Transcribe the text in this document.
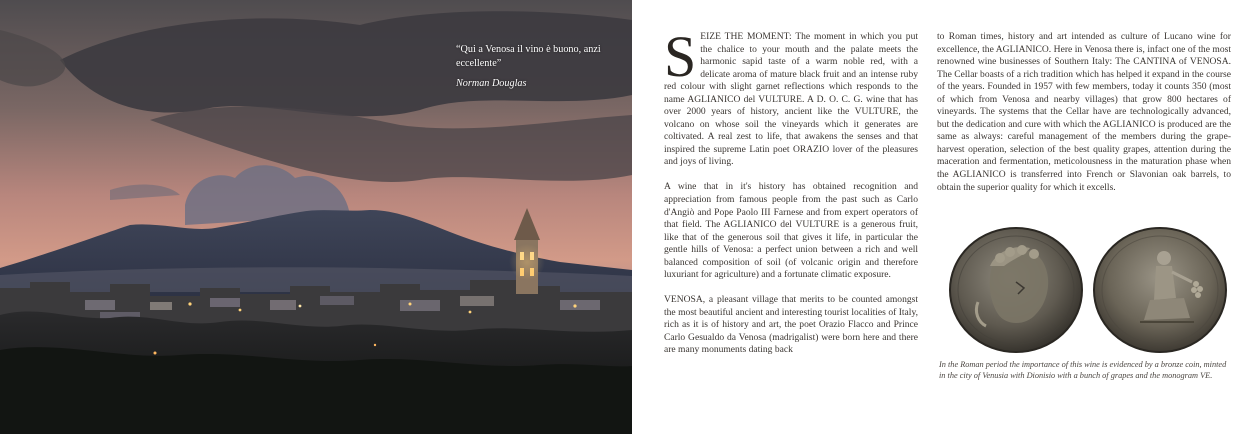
“Qui a Venosa il vino è buono, anzi eccellente”
Norman Douglas	SEIZE THE MOMENT: The moment in which you put the chalice to your mouth and the palate meets the harmonic sapid taste of a warm noble red, with a delicate aroma of mature black fruit and an intense ruby red colour with slight garnet reflections which responds to the name AGLIANICO del VULTURE. A D. O. C. G. wine that has over 2000 years of history, ancient like the VULTURE, the volcano on whose soil the vineyards which it generates are coltivated. A real zest to life, that awakens the senses and that inspired the supreme Latin poet ORAZIO lover of the pleasures and joys of living.

A wine that in it's history has obtained recognition and appreciation from famous people from the past such as Carlo d'Angiò and Pope Paolo III Farnese and from expert operators of that field. The AGLIANICO del VULTURE is a generous fruit, like that of the generous soil that gives it life, in particular the gentle hills of Venosa: a perfect union between a rich and well balanced composition of soil (of volcanic origin and therefore luxuriant for agriculture) and a fortunate climatic exposure.

VENOSA, a pleasant village that merits to be counted amongst the most beautiful ancient and interesting tourist localities of Italy, rich as it is of history and art, the poet Orazio Flacco and Prince Carlo Gesualdo da Venosa (madrigalist) were born here and there are many monuments dating back

to Roman times, history and art intended as culture of Lucano wine for excellence, the AGLIANICO. Here in Venosa there is, infact one of the most renowned wine businesses of Southern Italy: The CANTINA of VENOSA. The Cellar boasts of a rich tradition which has helped it expand in the course of the years. Founded in 1957 with few members, today it counts 350 (most of which from Venosa and nearby villages) that grow 800 hectares of vineyards. The systems that the Cellar have are technologically advanced, but the dedication and cure with which the AGLIANICO is produced are the same as always: careful management of the members during the grape-harvest operation, selection of the best quality grapes, attention during the maceration and fermentation, meticolousness in the maturation phase when the AGLIANICO is transferred into French or Slavonian oak barrels, to obtain the superior quality for which it excells.

In the Roman period the importance of this wine is evidenced by a bronze coin, minted in the city of Venusia with Dionisio with a bunch of grapes and the monogram VE.
